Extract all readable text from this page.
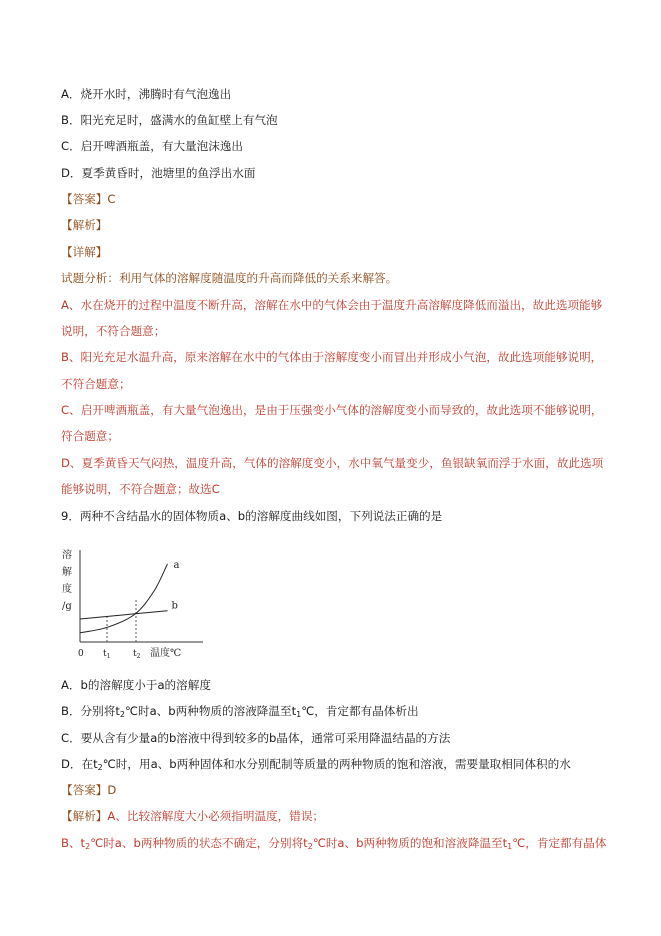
A．烧开水时，沸腾时有气泡逸出
B．阳光充足时，盛满水的鱼缸壁上有气泡
C．启开啤酒瓶盖，有大量泡沫逸出
D．夏季黄昏时，池塘里的鱼浮出水面
【答案】C
【解析】
【详解】
试题分析：利用气体的溶解度随温度的升高而降低的关系来解答。
A、水在烧开的过程中温度不断升高，溶解在水中的气体会由于温度升高溶解度降低而溢出，故此选项能够
说明，不符合题意；
B、阳光充足水温升高，原来溶解在水中的气体由于溶解度变小而冒出并形成小气泡，故此选项能够说明，
不符合题意；
C、启开啤酒瓶盖，有大量气泡逸出，是由于压强变小气体的溶解度变小而导致的，故此选项不能够说明，
符合题意；
D、夏季黄昏天气闷热，温度升高，气体的溶解度变小，水中氧气量变少，鱼银缺氧而浮于水面，故此选项
能够说明，不符合题意；故选C
9．两种不含结晶水的固体物质a、b的溶解度曲线如图，下列说法正确的是
溶
解
度
/g
0 $t_1$	$t_2$ 温度℃
a
b
A．b的溶解度小于a的溶解度
B．分别将$t_2℃$时a、b两种物质的溶液降温至$t_1℃$，肯定都有晶体析出
C．要从含有少量a的b溶液中得到较多的b晶体，通常可采用降温结晶的方法
D．在$t_2℃$时，用a、b两种固体和水分别配制等质量的两种物质的饱和溶液，需要量取相同体积的水
【答案】D
【解析】A、比较溶解度大小必须指明温度，错误；
B、$t_2℃$时a、b两种物质的状态不确定，分别将$t_2℃$时a、b两种物质的饱和溶液降温至$t_1℃$，肯定都有晶体
